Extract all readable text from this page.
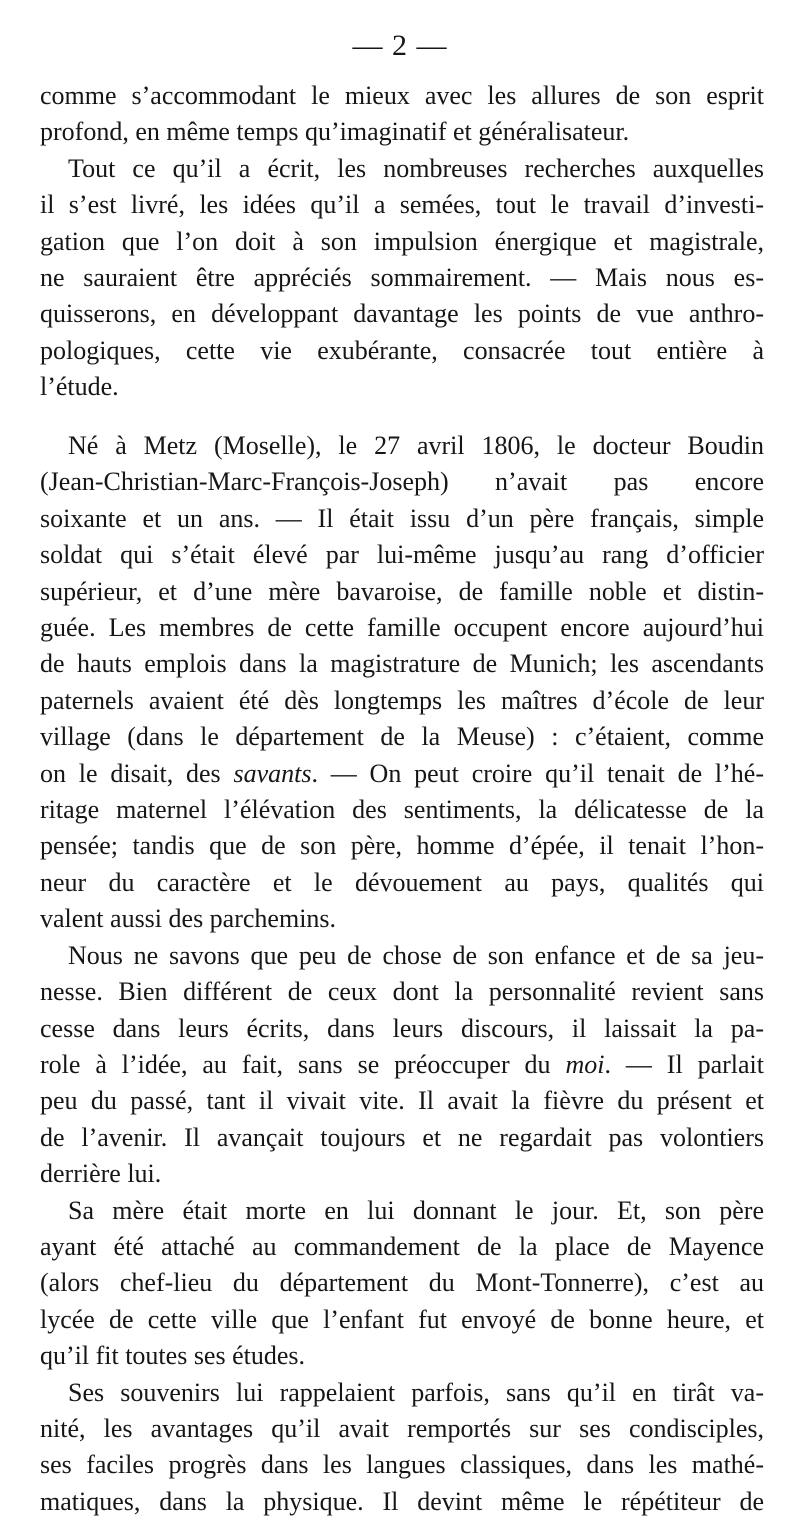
— 2 —
comme s’accommodant le mieux avec les allures de son esprit
profond, en même temps qu’imaginatif et généralisateur.
Tout ce qu’il a écrit, les nombreuses recherches auxquelles
il s’est livré, les idées qu’il a semées, tout le travail d’investi-
gation que l’on doit à son impulsion énergique et magistrale,
ne sauraient être appréciés sommairement. — Mais nous es-
quisserons, en développant davantage les points de vue anthro-
pologiques, cette vie exubérante, consacrée tout entière à
l’étude.
Né à Metz (Moselle), le 27 avril 1806, le docteur Boudin
(Jean-Christian-Marc-François-Joseph) n’avait pas encore
soixante et un ans. — Il était issu d’un père français, simple
soldat qui s’était élevé par lui-même jusqu’au rang d’officier
supérieur, et d’une mère bavaroise, de famille noble et distin-
guée. Les membres de cette famille occupent encore aujourd’hui
de hauts emplois dans la magistrature de Munich; les ascendants
paternels avaient été dès longtemps les maîtres d’école de leur
village (dans le département de la Meuse) : c’étaient, comme
on le disait, des savants. — On peut croire qu’il tenait de l’hé-
ritage maternel l’élévation des sentiments, la délicatesse de la
pensée; tandis que de son père, homme d’épée, il tenait l’hon-
neur du caractère et le dévouement au pays, qualités qui
valent aussi des parchemins.
Nous ne savons que peu de chose de son enfance et de sa jeu-
nesse. Bien différent de ceux dont la personnalité revient sans
cesse dans leurs écrits, dans leurs discours, il laissait la pa-
role à l’idée, au fait, sans se préoccuper du moi. — Il parlait
peu du passé, tant il vivait vite. Il avait la fièvre du présent et
de l’avenir. Il avançait toujours et ne regardait pas volontiers
derrière lui.
Sa mère était morte en lui donnant le jour. Et, son père
ayant été attaché au commandement de la place de Mayence
(alors chef-lieu du département du Mont-Tonnerre), c’est au
lycée de cette ville que l’enfant fut envoyé de bonne heure, et
qu’il fit toutes ses études.
Ses souvenirs lui rappelaient parfois, sans qu’il en tirât va-
nité, les avantages qu’il avait remportés sur ses condisciples,
ses faciles progrès dans les langues classiques, dans les mathé-
matiques, dans la physique. Il devint même le répétiteur de
